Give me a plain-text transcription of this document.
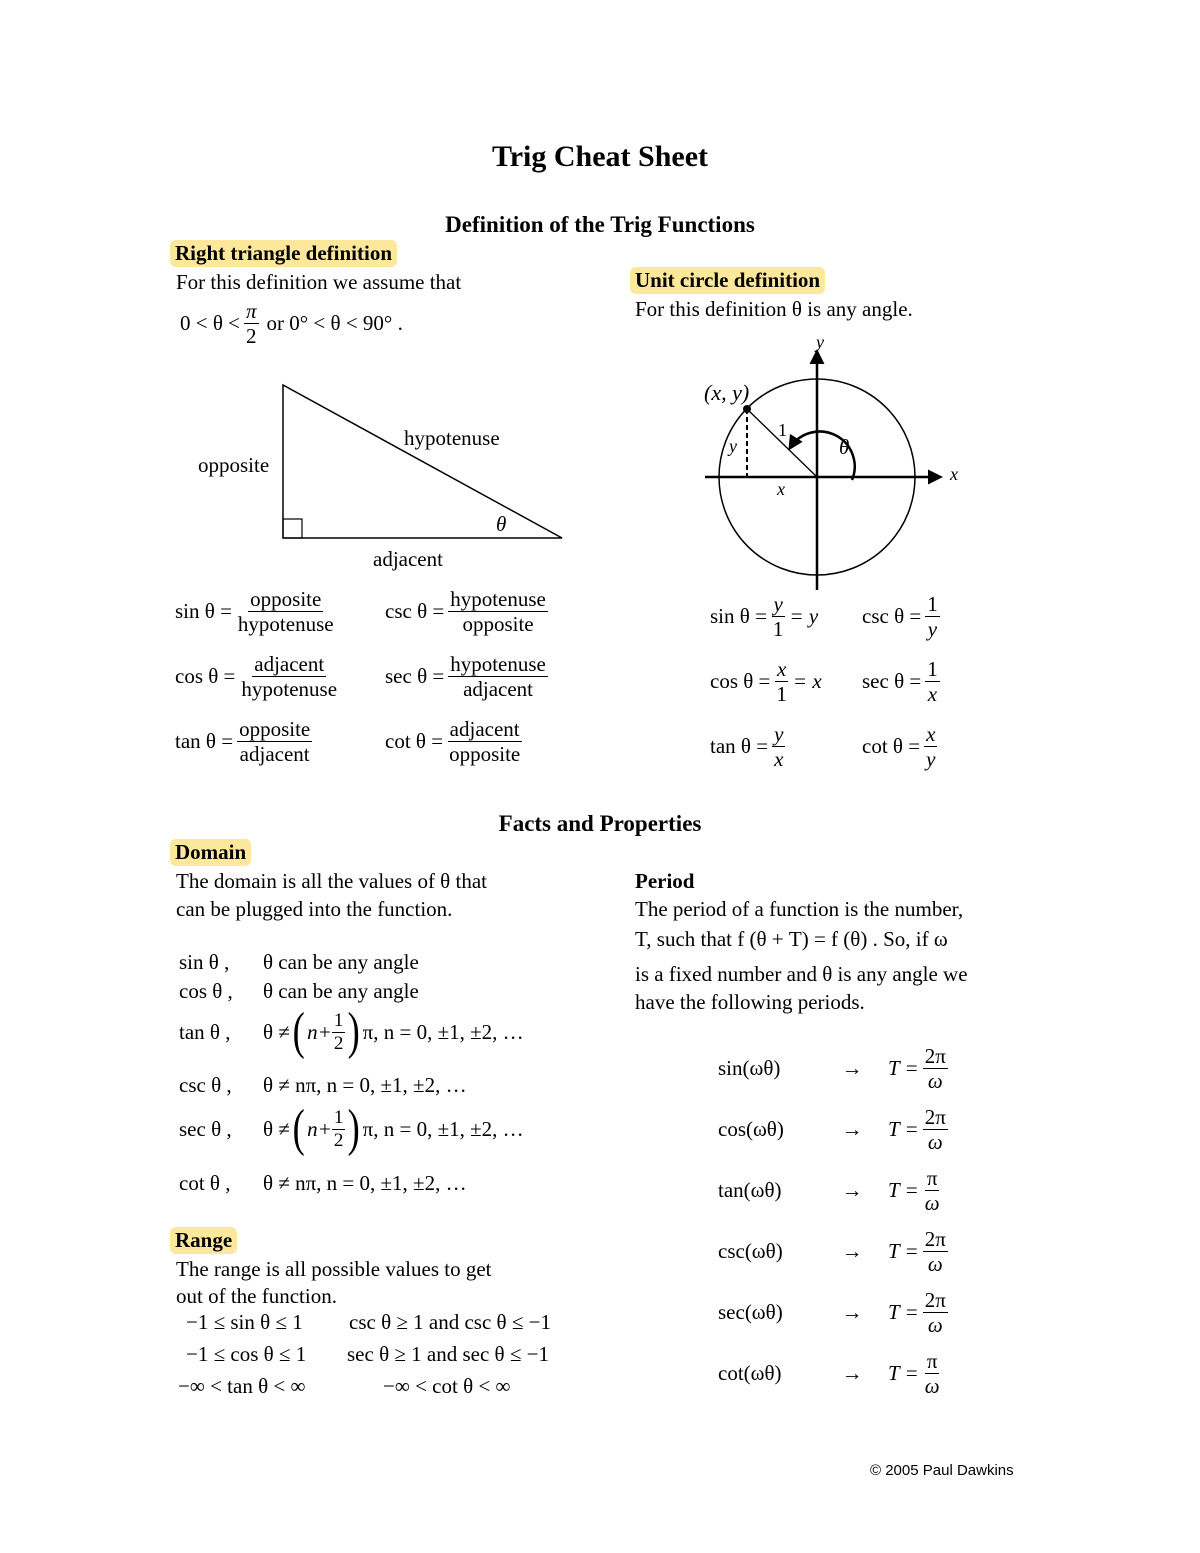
Trig Cheat Sheet
Definition of the Trig Functions
Right triangle definition
For this definition we assume that
$0 < \theta < \frac{\pi}{2}$ or 0° < θ < 90° .
opposite
hypotenuse
adjacent
θ
$\sin \theta = \frac{\text{opposite}}{\text{hypotenuse}}$ $\csc \theta = \frac{\text{hypotenuse}}{\text{opposite}}$
$\cos \theta = \frac{\text{adjacent}}{\text{hypotenuse}}$ $\sec \theta = \frac{\text{hypotenuse}}{\text{adjacent}}$
$\tan \theta = \frac{\text{opposite}}{\text{adjacent}}$	$\cot \theta = \frac{\text{adjacent}}{\text{opposite}}$
Unit circle definition
For this definition θ is any angle.
y
x
(x, y)
1
θ
y
x
$\sin \theta = \frac{y}{1} = y$ $\csc \theta = \frac{1}{y}$
$\cos \theta = \frac{x}{1} = x$ $\sec \theta = \frac{1}{x}$
$\tan \theta = \frac{y}{x}$	$\cot \theta = \frac{x}{y}$
Facts and Properties
Domain
The domain is all the values of θ that
can be plugged into the function.
sin θ ,	θ can be any angle
cos θ ,	θ can be any angle
tan θ ,	θ ≠ ( $n+ \frac{1}{2}$ ) π, n = 0, ±1, ±2, …
csc θ ,	θ ≠ nπ, n = 0, ±1, ±2, …
sec θ ,	θ ≠ ( $n+ \frac{1}{2}$ ) π, n = 0, ±1, ±2, …
cot θ ,	θ ≠ nπ, n = 0, ±1, ±2, …
Range
The range is all possible values to get
out of the function.
−1 ≤ sin θ ≤ 1 csc θ ≥ 1 and csc θ ≤ −1
−1 ≤ cos θ ≤ 1 sec θ ≥ 1 and sec θ ≤ −1
−∞ < tan θ < ∞	−∞ < cot θ < ∞
Period
The period of a function is the number,
T, such that f (θ + T) = f (θ) . So, if ω
is a fixed number and θ is any angle we
have the following periods.
sin(ωθ)	→	$T = \frac{2\pi}{\omega}$
cos(ωθ)	→	$T = \frac{2\pi}{\omega}$
tan(ωθ)	→	$T = \frac{\pi}{\omega}$
csc(ωθ)	→	$T = \frac{2\pi}{\omega}$
sec(ωθ)	→	$T = \frac{2\pi}{\omega}$
cot(ωθ)	→	$T = \frac{\pi}{\omega}$
© 2005 Paul Dawkins
